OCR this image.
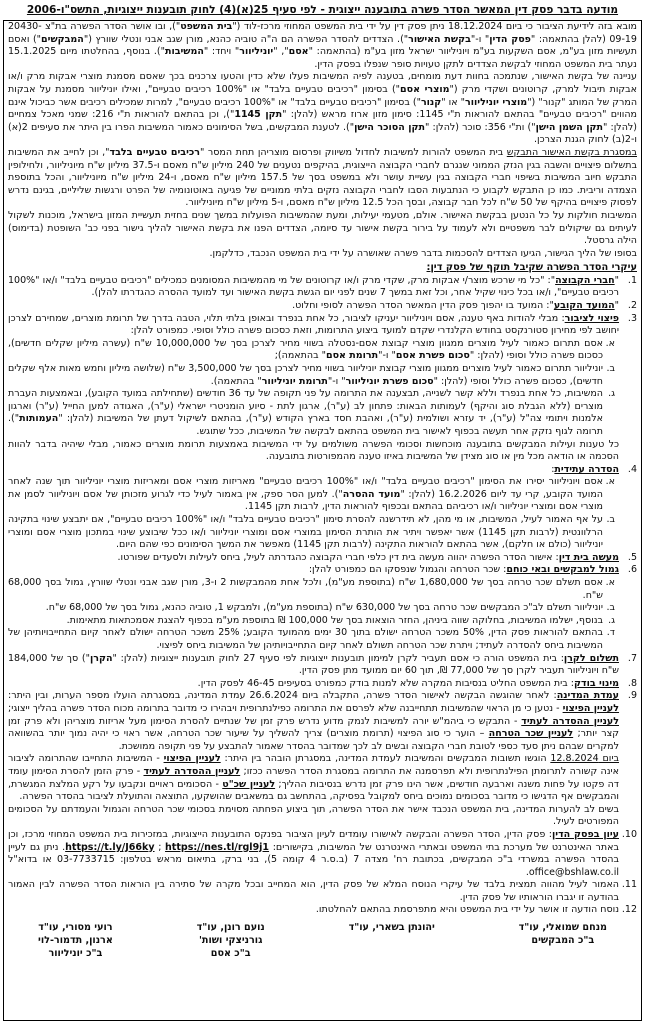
מודעה בדבר פסק דין המאשר הסדר פשרה בתובענה ייצוגית - לפי סעיף 25(א)(4) לחוק תובענות ייצוגיות, התשס"ו-2006
מובא בזה לידיעת הציבור כי ביום 18.12.2024 ניתן פסק דין על ידי בית המשפט המחוזי מרכז-לוד ("בית המשפט"), ובו אושר הסדר הפשרה בת"צ 20430-09-19 (להלן בהתאמה: "פסק הדין" ו-"בקשת האישור"). הצדדים להסדר הפשרה הם ה"ה טוביה כהנא, מורן שגב אבני ונטלי שוורץ ("המבקשים") ואסם תעשיות מזון בע"מ, אסם השקעות בע"מ ויוניליוור ישראל מזון בע"מ (בהתאמה: "אסם", "יוניליוור" ויחד: "המשיבות"). בנוסף, בהחלטתו מיום 15.1.2025 נעתר בית המשפט המחוזי לבקשת הצדדים לתקן טעויות סופר שנפלו בפסק הדין.
עניינה של בקשת האישור, שנתמכה בחוות דעת מומחים, בטענה לפיה המשיבות פעלו שלא כדין והטעו צרכנים בכך שאסם מסמנת מוצרי אבקות מרק ו/או אבקות תיבול למרק, קרוטונים ושקדי מרק ("מוצרי אסם") בסימון "רכיבים טבעיים בלבד" או "100% רכיבים טבעיים", ואילו יוניליוור מסמנת על אבקות המרק של המותג "קנור" ("מוצרי יוניליוור" או "קנור") בסימון "רכיבים טבעיים בלבד" או "100% רכיבים טבעיים", למרות שמכילים רכיבים אשר כביכול אינם מהווים "רכיבים טבעיים" בהתאם להוראות ת"י 1145: סימון מזון ארוז מראש (להלן: "תקן 1145"), וכן בהתאם להוראות ת"י 216: שמני מאכל צמחיים (להלן: "תקן השמן הישן") ות"י 356: סוכר (להלן: "תקן הסוכר הישן"). לטענת המבקשים, בשל הסימונים כאמור המשיבות הפרו בין היתר את סעיפים 2(א) ו-2(ב) לחוק הגנת הצרכן.
במסגרת בקשת האישור התבקש בית המשפט להורות למשיבות לחדול משיווק ופרסום מוצריהן תחת המסר "רכיבים טבעיים בלבד", וכן לחייב את המשיבות בתשלום פיצויים והשבה בגין הנזק הממוני שנגרם לחברי הקבוצה הייצוגית, בהיקפים נטענים של 240 מיליון ש"ח מאסם ו-37.5 מיליון ש"ח מיוניליוור, ולחילופין התבקש חיוב המשיבות בשיפוי חברי הקבוצה בגין עשיית עושר ולא במשפט בסך של 157.5 מיליון ש"ח מאסם, ו-24 מיליון ש"ח מיוניליוור, והכל בתוספת הצמדה וריבית. כמו כן התבקש לקבוע כי הנתבעות הסבו לחברי הקבוצה נזקים בלתי ממוניים של פגיעה באוטונומיה של הפרט ורגשות שליליים, בגינם נדרש לפסוק פיצויים בהיקף של 50 ש"ח לכל חבר קבוצה, ובסך הכל 12.5 מיליון ש"ח מאסם, ו-5 מיליון ש"ח מיוניליוור.
המשיבות חולקות על כל הנטען בבקשת האישור. אולם, מטעמי יעילות, ומעת שהמשיבות הפועלות במשך שנים בחזית תעשיית המזון בישראל, מוכנות לשקול לעיתים גם שיקולים לבר משפטיים ולא לעמוד על בירור בקשת אישור עד סיומה, הצדדים הפנו את בקשת האישור להליך גישור בפני כב' השופטת (בדימוס) הילה גרסטל.
בסופו של הליך הגישור, הגיעו הצדדים להסכמות בדבר פשרה שאושרה על ידי בית המשפט הנכבד, כדלקמן.
עיקרי הסדר הפשרה שקיבל תוקף של פסק דין:
1.
"חברי הקבוצה": "כל מי שרכש מוצר/י אבקות מרק, שקדי מרק ו/או קרוטונים של מי מהמשיבות המסומנים כמכילים "רכיבים טבעיים בלבד" ו/או "100% רכיבים טבעיים", ו/או בכל כינוי שקיל אחר, וכל זאת במשך 7 שנים לפני יום הגשת בקשת האישור ועד למועד ההסרה כהגדרתו להלן).
2.
"המועד הקובע": המועד בו יהפוך פסק הדין המאשר הסדר הפשרה לסופי וחלוט.
3.
פיצוי לציבור: מבלי להודות באף טענה, אסם ויוניליוור יעניקו לציבור, כל אחת בנפרד ובאופן בלתי תלוי, הטבה בדרך של תרומת מוצרים, שמחירם לצרכן יחושב לפי מחירון סטורנקסט בחודש הקלנדרי שקדם למועד ביצוע התרומות, וזאת כסכום פשרה כולל וסופי. כמפורט להלן:
א.
אסם תתרום כאמור לעיל מוצרים ממגוון מוצרי קבוצת אסם-נסטלה בשווי מחיר לצרכן בסך של 10,000,000 ש"ח (עשרה מיליון שקלים חדשים), כסכום פשרה כולל וסופי (להלן: "סכום פשרת אסם" ו-"תרומת אסם" בהתאמה);
ב.
יוניליוור תתרום כאמור לעיל מוצרים ממגוון מוצרי קבוצת יוניליוור בשווי מחיר לצרכן בסך של 3,500,000 ש"ח (שלושה מיליון וחמש מאות אלף שקלים חדשים), כסכום פשרה כולל וסופי (להלן: "סכום פשרת יוניליוור" ו-"תרומת יוניליוור" בהתאמה).
ג.
המשיבות, כל אחת בנפרד וללא קשר לשנייה, תבצענה את התרומה על פני תקופה של עד 36 חודשים (שתחילתה במועד הקובע), ובאמצעות העברת מוצרים (ללא הגבלת סוג והיקף) לעמותות הבאות: פתחון לב (ע"ר), ארגון לתת - סיוע הומניטרי ישראלי (ע"ר), האגודה למען החייל (ע"ר) וארגון אלמנות ויתומי צה"ל (ע"ר), יד עזרא ושולמית (ע"ר), ואהבת חסד בארץ הקודש (ע"ר), בהתאם לשיקול דעתן של המשיבות (להלן: "העמותות"). תרומה לגוף נזקק אחר תעשה בכפוף לאישור בית המשפט בהתאם לבקשה של המשיבות, ככל שתוגש.
כל טענות ועילות המבקשים בתובענה מוכחשות וסכומי הפשרה משולמים על ידי המשיבות באמצעות תרומת מוצרים כאמור, מבלי שיהיה בדבר להוות הסכמה או הודאה מכל מין או סוג מצידן של המשיבות באיזו טענה מהמפורטות בתובענה.
4.
הסדרה עתידית:
א.
אסם ויוניליוור יסירו את הסימון "רכיבים טבעיים בלבד" ו/או "100% רכיבים טבעיים" מאריזות מוצרי אסם ומאריזות מוצרי יוניליוור תוך שנה לאחר המועד הקובע, קרי עד ליום 16.2.2026 (להלן: "מועד ההסרה"). למען הסר ספק, אין באמור לעיל כדי לגרוע מזכותן של אסם ויוניליוור לסמן את מוצרי אסם ומוצרי יוניליוור ו/או רכיביהם בהתאם ובכפוף להוראות הדין, לרבות תקן 1145.
ב.
על אף האמור לעיל, המשיבות, או מי מהן, לא תידרשנה להסרת סימון "רכיבים טבעיים בלבד" ו/או "100% רכיבים טבעיים", אם יתבצע שינוי בתקינה הרלוונטית (לרבות תקן 1145) אשר יאפשר ויתיר את הותרת הסימון במוצרי אסם ומוצרי יוניליוור ו/או ככל שיבוצע שינוי במתכון מוצרי אסם ומוצרי יוניליוור (כולם או חלקם), אשר בהתאם להוראות התקינה (לרבות תקן 1145) מאפשר את המשך הסימונים כפי שהם היום.
5.
מעשה בית דין: אישור הסדר הפשרה יהווה מעשה בית דין כלפי חברי הקבוצה כהגדרתה לעיל, ביחס לעילות ולסעדים שפורטו.
6.
גמול למבקשים ובאי כוחם: שכר הטרחה והגמול שנפסקו הם כמפורט להלן:
א.
אסם תשלם שכר טרחה בסך של 1,680,000 ש"ח (בתוספת מע"מ), ולכל אחת מהמבקשות 2 ו-3, מורן שגב אבני ונטלי שוורץ, גמול בסך 68,000 ש"ח.
ב.
יוניליוור תשלם לב"כ המבקשים שכר טרחה בסך של 630,000 ש"ח (בתוספת מע"מ), ולמבקש 1, טוביה כהנא, גמול בסך של 68,000 ש"ח.
ג.
בנוסף, ישלמו המשיבות, בחלוקה שווה ביניהן, החזר הוצאות בסך של 100,000 ₪ בתוספת מע"מ בכפוף להצגת אסמכתאות מתאימות.
ד.
בהתאם להוראות פסק הדין, 50% משכר הטרחה ישולם בתוך 30 ימים מהמועד הקובע; 25% משכר הטרחה ישולם לאחר קיום התחייבויותיהן של המשיבות ביחס להסדרה לעתיד; ויתרת שכר הטרחה תשולם לאחר קיום התחייבויותיהן של המשיבות ביחס לפיצוי.
7.
תשלום לקרן: בית המשפט הורה כי אסם תעביר לקרן למימון תובענות ייצוגיות לפי סעיף 27 לחוק תובענות ייצוגיות (להלן: "הקרן") סך של 184,000 ש"ח ויוניליוור תעביר לקרן סך של 77,000 ₪, תוך 60 יום ממועד מתן פסק הדין.
8.
מינוי בודק: בית המשפט החליט בנסיבות המקרה שלא למנות בודק כמפורט בסעיפים 46-45 לפסק הדין.
9.
עמדת המדינה: לאחר שהוגשה הבקשה לאישור הסדר פשרה, התקבלה ביום 26.6.2024 עמדת המדינה, במסגרתה הועלו מספר הערות, ובין היתר: לעניין הפיצוי - נטען כי מן הראוי שהמשיבות תתחייבנה שלא לפרסם את התרומה כפילנתרופית ויבהירו כי מדובר בתרומה מכוח הסדר פשרה בהליך ייצוגי; לעניין ההסדרה לעתיד - התבקש כי ביהמ"ש יורה למשיבות לנמק מדוע נדרש פרק זמן של שנתיים להסרת הסימון מעל אריזות מוצריהן ולא פרק זמן קצר יותר; לעניין שכר הטרחה – הוער כי סוג הפיצוי (תרומת מוצרים) צריך להשליך על שיעור שכר הטרחה, אשר ראוי כי יהיה נמוך יותר בהשוואה למקרים שבהם ניתן סעד כספי לטובת חברי הקבוצה ובשים לב לכך שמדובר בהסדר שאמור להתבצע על פני תקופה ממושכת.
ביום 12.8.2024 הוגשו תשובות המבקשים והמשיבות לעמדת המדינה, במסגרתן הובהר בין היתר: לעניין הפיצוי - המשיבות התחייבו שהתרומה לציבור אינה קשורה לתרומתן הפילנתרופית ולא תפרסמנה את התרומה במסגרת הסדר הפשרה ככזו; לעניין ההסדרה לעתיד - פרק הזמן להסרת הסימון עומד דה פקטו על פחות משנה וארבעה חודשים, אשר הינו פרק זמן נדרש בנסיבות ההליך; לעניין שכ"ט - הסכומים ראויים ונקבעו על רקע המלצת המגשרת, והמבקשים אף הדגישו כי מדובר בסכומים נמוכים ביחס למקובל בפסיקה, בהתחשב גם במשאבים שהושקעו, התוצאה והתועלת לציבור בהסדר הפשרה.
בשים לב להערות המדינה, בית המשפט הנכבד אישר את הסדר הפשרה, תוך ביצוע הפחתה מסוימת בסכומי שכר הטרחה והגמול והעמדתם על הסכומים המפורטים לעיל.
10.
עיון בפסק הדין: פסק הדין, הסדר הפשרה והבקשה לאישורו עומדים לעיון הציבור בפנקס התובענות הייצוגיות, במזכירות בית המשפט המחוזי מרכז, וכן באתר האינטרנט של מערכת בתי המשפט ובאתרי האינטרנט של המשיבות, בקישורים: https://t.ly/J66ky ; https://nes.tl/rgl9j1. ניתן גם לעיין בהסדר הפשרה במשרדי ב"כ המבקשים, בכתובת רח' מצדה 7 (ב.ס.ר 4 קומה 5), בני ברק, בתיאום מראש בטלפון: 03-7733715 או בדוא"ל office@bshlaw.co.il.
11.
האמור לעיל מהווה תמצית בלבד של עיקרי הנוסח המלא של פסק הדין, הוא המחייב ובכל מקרה של סתירה בין הוראות הסדר הפשרה לבין האמור בהודעה זו יגברו הוראותיו של פסק הדין.
12.
נוסח הודעה זו אושר על ידי בית המשפט והיא מתפרסמת בהתאם להחלטתו.
מנחם שמואלי, עו"ד
ב"כ המבקשים
יהונתן בשארי, עו"ד
נועם רונן, עו"ד
גורניצקי ושות'
ב"כ אסם
רועי מסורי, עו"ד
ארנון, תדמור-לוי
ב"כ יוניליוור
